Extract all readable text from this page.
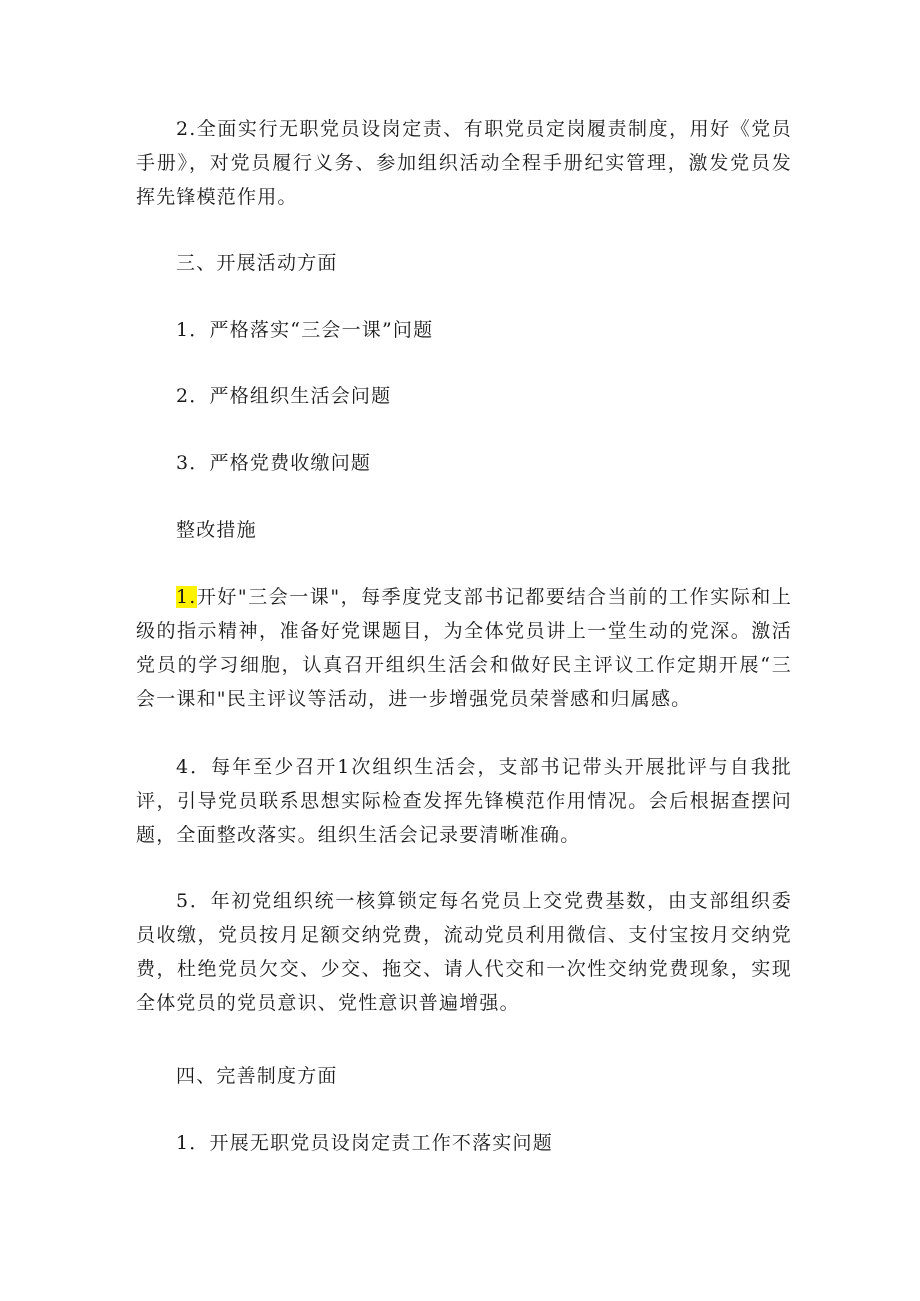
2.全面实行无职党员设岗定责、有职党员定岗履责制度，用好《党员手册》，对党员履行义务、参加组织活动全程手册纪实管理，激发党员发挥先锋模范作用。

三、开展活动方面

1．严格落实“三会一课”问题

2．严格组织生活会问题

3．严格党费收缴问题

整改措施

1.开好"三会一课"，每季度党支部书记都要结合当前的工作实际和上级的指示精神，准备好党课题目，为全体党员讲上一堂生动的党深。激活党员的学习细胞，认真召开组织生活会和做好民主评议工作定期开展“三会一课和"民主评议等活动，进一步增强党员荣誉感和归属感。

4．每年至少召开1次组织生活会，支部书记带头开展批评与自我批评，引导党员联系思想实际检查发挥先锋模范作用情况。会后根据查摆问题，全面整改落实。组织生活会记录要清晰准确。

5．年初党组织统一核算锁定每名党员上交党费基数，由支部组织委员收缴，党员按月足额交纳党费，流动党员利用微信、支付宝按月交纳党费，杜绝党员欠交、少交、拖交、请人代交和一次性交纳党费现象，实现全体党员的党员意识、党性意识普遍增强。

四、完善制度方面

1．开展无职党员设岗定责工作不落实问题
